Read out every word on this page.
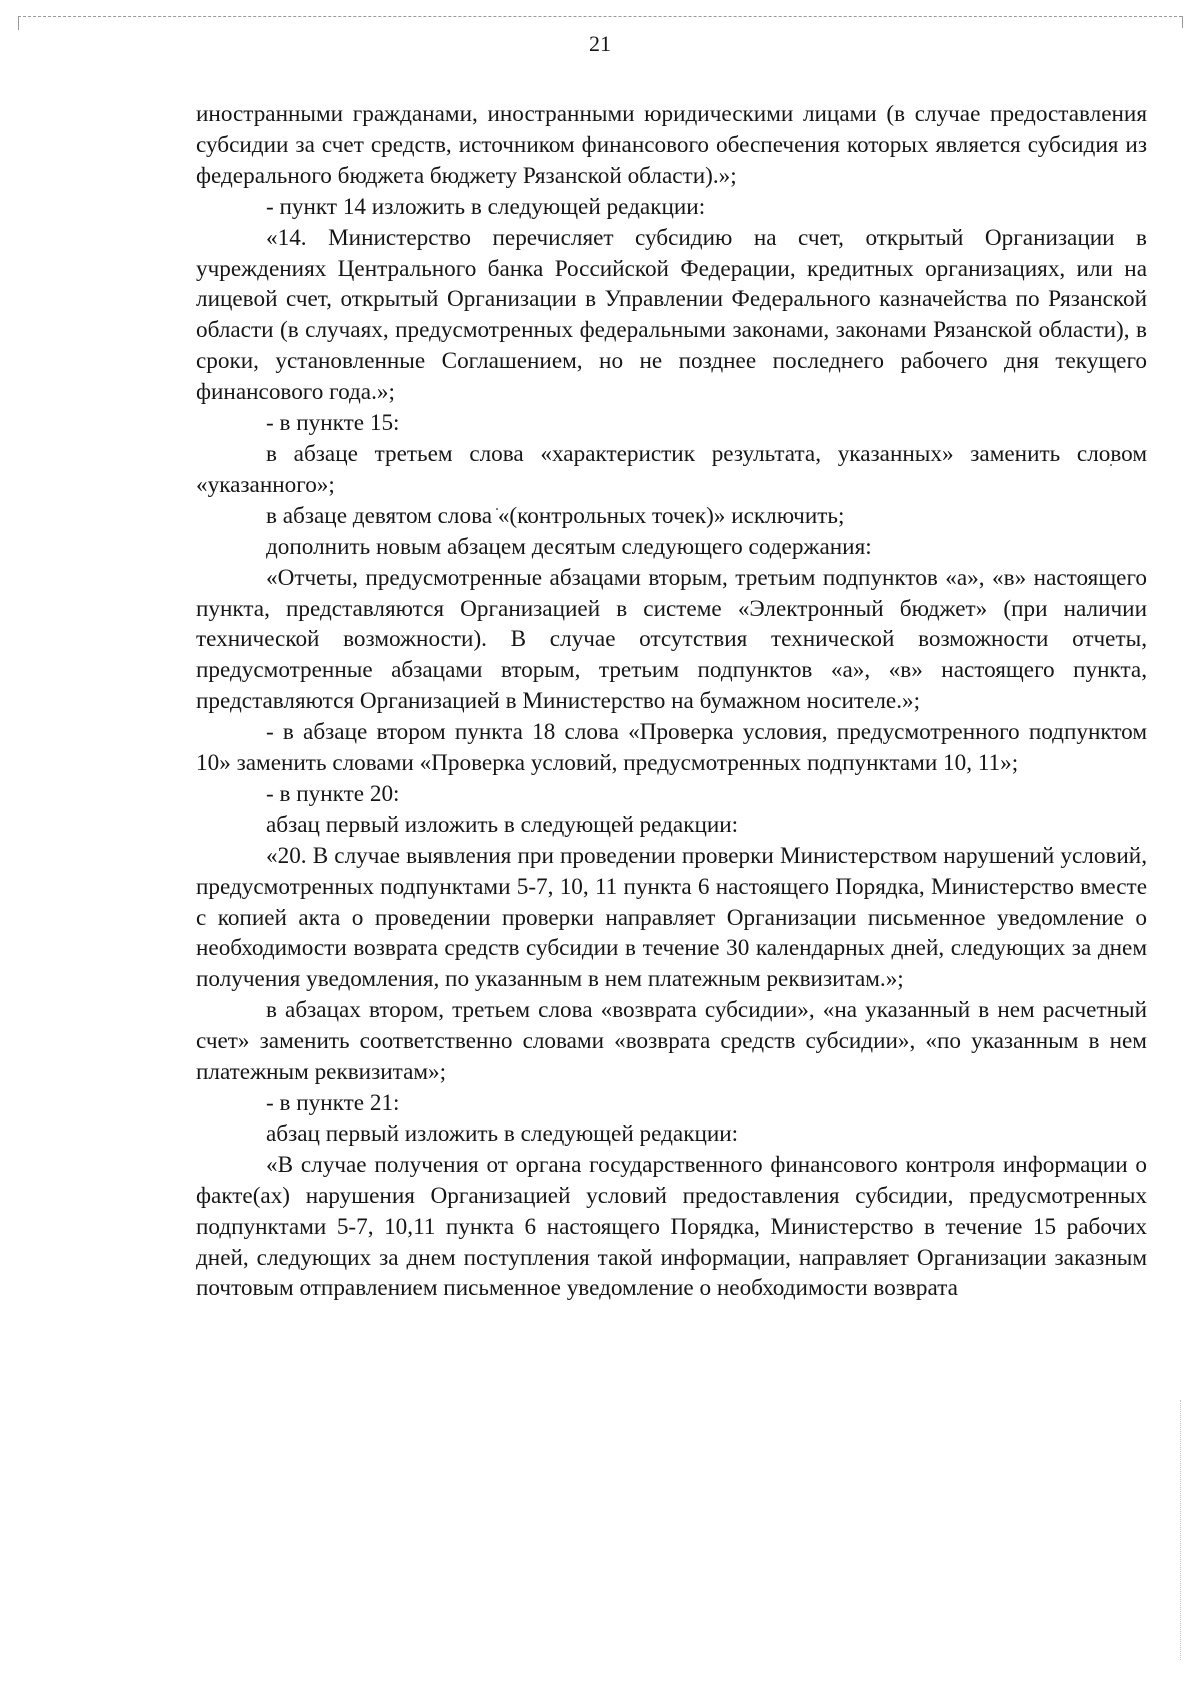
21
иностранными гражданами, иностранными юридическими лицами (в случае предоставления субсидии за счет средств, источником финансового обеспечения которых является субсидия из федерального бюджета бюджету Рязанской области).»;
- пункт 14 изложить в следующей редакции:
«14. Министерство перечисляет субсидию на счет, открытый Организации в учреждениях Центрального банка Российской Федерации, кредитных организациях, или на лицевой счет, открытый Организации в Управлении Федерального казначейства по Рязанской области (в случаях, предусмотренных федеральными законами, законами Рязанской области), в сроки, установленные Соглашением, но не позднее последнего рабочего дня текущего финансового года.»;
- в пункте 15:
в абзаце третьем слова «характеристик результата, указанных» заменить словом «указанного»;
в абзаце девятом слова «(контрольных точек)» исключить;
дополнить новым абзацем десятым следующего содержания:
«Отчеты, предусмотренные абзацами вторым, третьим подпунктов «а», «в» настоящего пункта, представляются Организацией в системе «Электронный бюджет» (при наличии технической возможности). В случае отсутствия технической возможности отчеты, предусмотренные абзацами вторым, третьим подпунктов «а», «в» настоящего пункта, представляются Организацией в Министерство на бумажном носителе.»;
- в абзаце втором пункта 18 слова «Проверка условия, предусмотренного подпунктом 10» заменить словами «Проверка условий, предусмотренных подпунктами 10, 11»;
- в пункте 20:
абзац первый изложить в следующей редакции:
«20. В случае выявления при проведении проверки Министерством нарушений условий, предусмотренных подпунктами 5-7, 10, 11 пункта 6 настоящего Порядка, Министерство вместе с копией акта о проведении проверки направляет Организации письменное уведомление о необходимости возврата средств субсидии в течение 30 календарных дней, следующих за днем получения уведомления, по указанным в нем платежным реквизитам.»;
в абзацах втором, третьем слова «возврата субсидии», «на указанный в нем расчетный счет» заменить соответственно словами «возврата средств субсидии», «по указанным в нем платежным реквизитам»;
- в пункте 21:
абзац первый изложить в следующей редакции:
«В случае получения от органа государственного финансового контроля информации о факте(ах) нарушения Организацией условий предоставления субсидии, предусмотренных подпунктами 5-7, 10,11 пункта 6 настоящего Порядка, Министерство в течение 15 рабочих дней, следующих за днем поступления такой информации, направляет Организации заказным почтовым отправлением письменное уведомление о необходимости возврата
